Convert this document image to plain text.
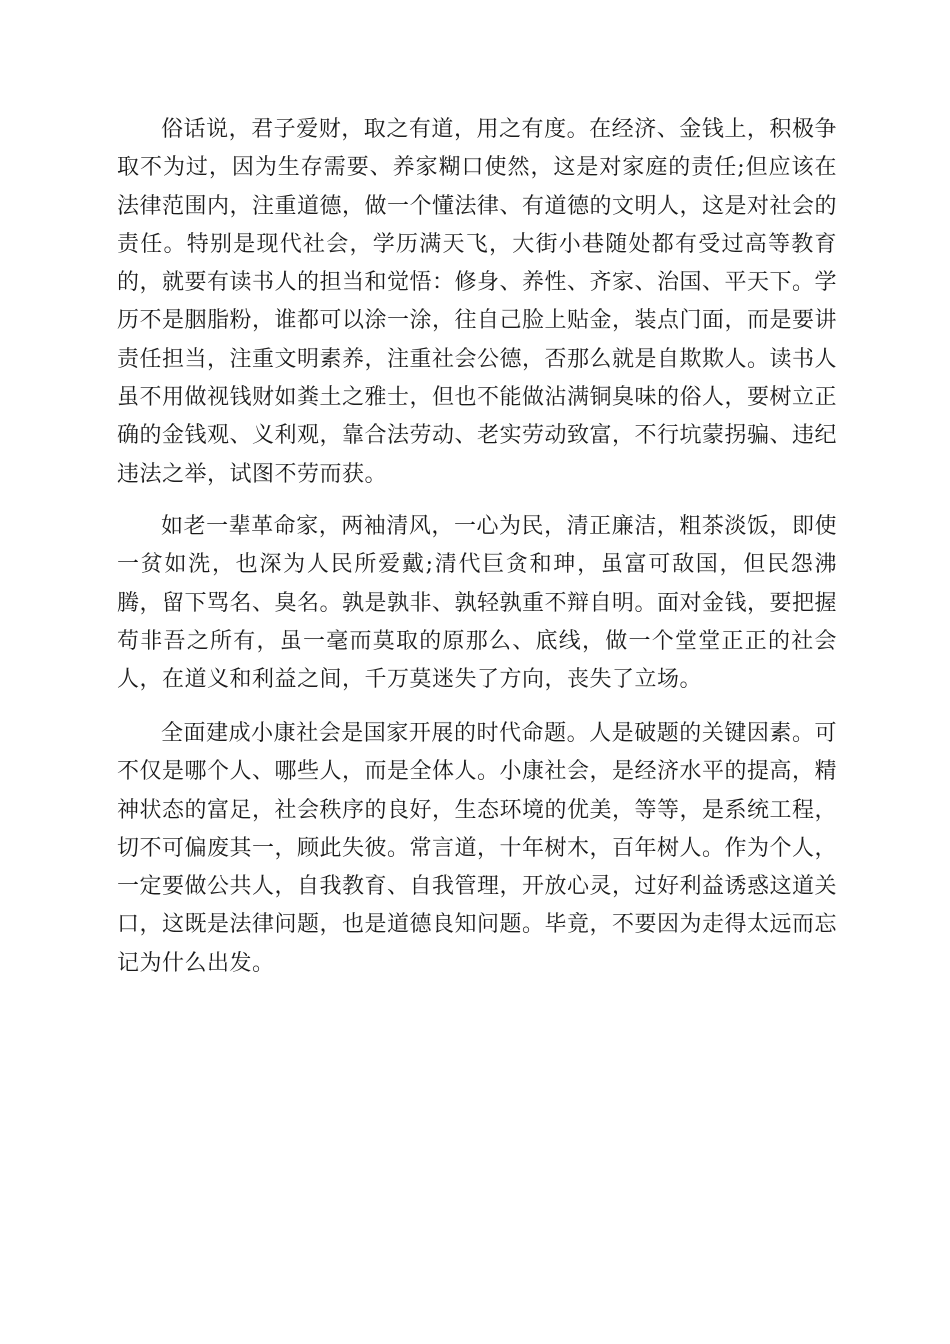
俗话说，君子爱财，取之有道，用之有度。在经济、金钱上，积极争取不为过，因为生存需要、养家糊口使然，这是对家庭的责任;但应该在法律范围内，注重道德，做一个懂法律、有道德的文明人，这是对社会的责任。特别是现代社会，学历满天飞，大街小巷随处都有受过高等教育的，就要有读书人的担当和觉悟：修身、养性、齐家、治国、平天下。学历不是胭脂粉，谁都可以涂一涂，往自己脸上贴金，装点门面，而是要讲责任担当，注重文明素养，注重社会公德，否那么就是自欺欺人。读书人虽不用做视钱财如粪土之雅士，但也不能做沾满铜臭味的俗人，要树立正确的金钱观、义利观，靠合法劳动、老实劳动致富，不行坑蒙拐骗、违纪违法之举，试图不劳而获。

如老一辈革命家，两袖清风，一心为民，清正廉洁，粗茶淡饭，即使一贫如洗，也深为人民所爱戴;清代巨贪和珅，虽富可敌国，但民怨沸腾，留下骂名、臭名。孰是孰非、孰轻孰重不辩自明。面对金钱，要把握苟非吾之所有，虽一毫而莫取的原那么、底线，做一个堂堂正正的社会人，在道义和利益之间，千万莫迷失了方向，丧失了立场。

全面建成小康社会是国家开展的时代命题。人是破题的关键因素。可不仅是哪个人、哪些人，而是全体人。小康社会，是经济水平的提高，精神状态的富足，社会秩序的良好，生态环境的优美，等等，是系统工程，切不可偏废其一，顾此失彼。常言道，十年树木，百年树人。作为个人，一定要做公共人，自我教育、自我管理，开放心灵，过好利益诱惑这道关口，这既是法律问题，也是道德良知问题。毕竟，不要因为走得太远而忘记为什么出发。
